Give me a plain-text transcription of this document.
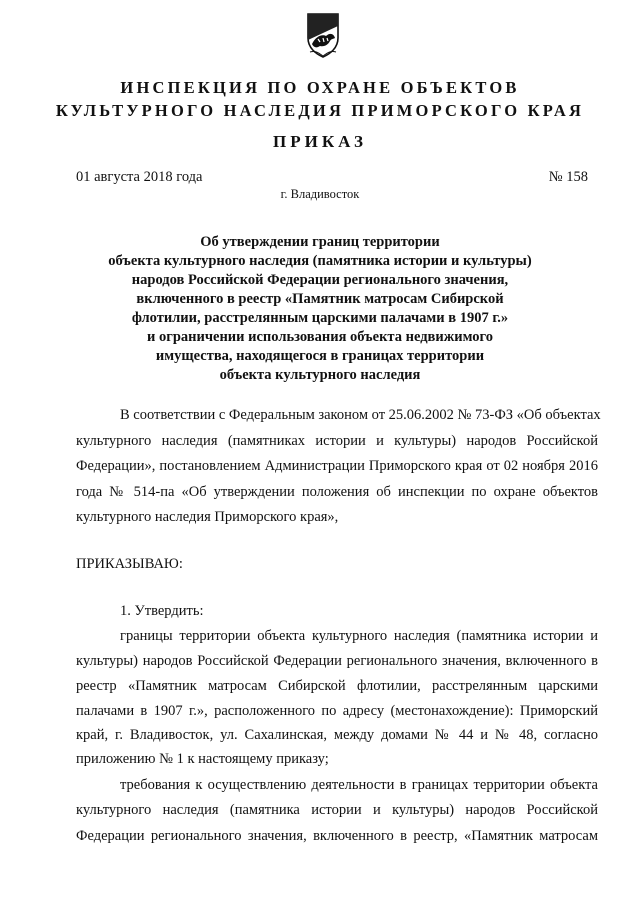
ИНСПЕКЦИЯ ПО ОХРАНЕ ОБЪЕКТОВ
КУЛЬТУРНОГО НАСЛЕДИЯ ПРИМОРСКОГО КРАЯ
ПРИКАЗ
01 августа 2018 года	№ 158
г. Владивосток
Об утверждении границ территории
объекта культурного наследия (памятника истории и культуры)
народов Российской Федерации регионального значения,
включенного в реестр «Памятник матросам Сибирской
флотилии, расстрелянным царскими палачами в 1907 г.»
и ограничении использования объекта недвижимого
имущества, находящегося в границах территории
объекта культурного наследия
В соответствии с Федеральным законом от 25.06.2002 № 73-ФЗ «Об объектах
культурного наследия (памятниках истории и культуры) народов Российской
Федерации», постановлением Администрации Приморского края от 02 ноября 2016
года № 514-па «Об утверждении положения об инспекции по охране объектов
культурного наследия Приморского края»,
ПРИКАЗЫВАЮ:
1. Утвердить:
границы территории объекта культурного наследия (памятника истории и
культуры) народов Российской Федерации регионального значения, включенного в
реестр «Памятник матросам Сибирской флотилии, расстрелянным царскими
палачами в 1907 г.», расположенного по адресу (местонахождение): Приморский
край, г. Владивосток, ул. Сахалинская, между домами № 44 и № 48, согласно
приложению № 1 к настоящему приказу;
требования к осуществлению деятельности в границах территории объекта
культурного наследия (памятника истории и культуры) народов Российской
Федерации регионального значения, включенного в реестр, «Памятник матросам
